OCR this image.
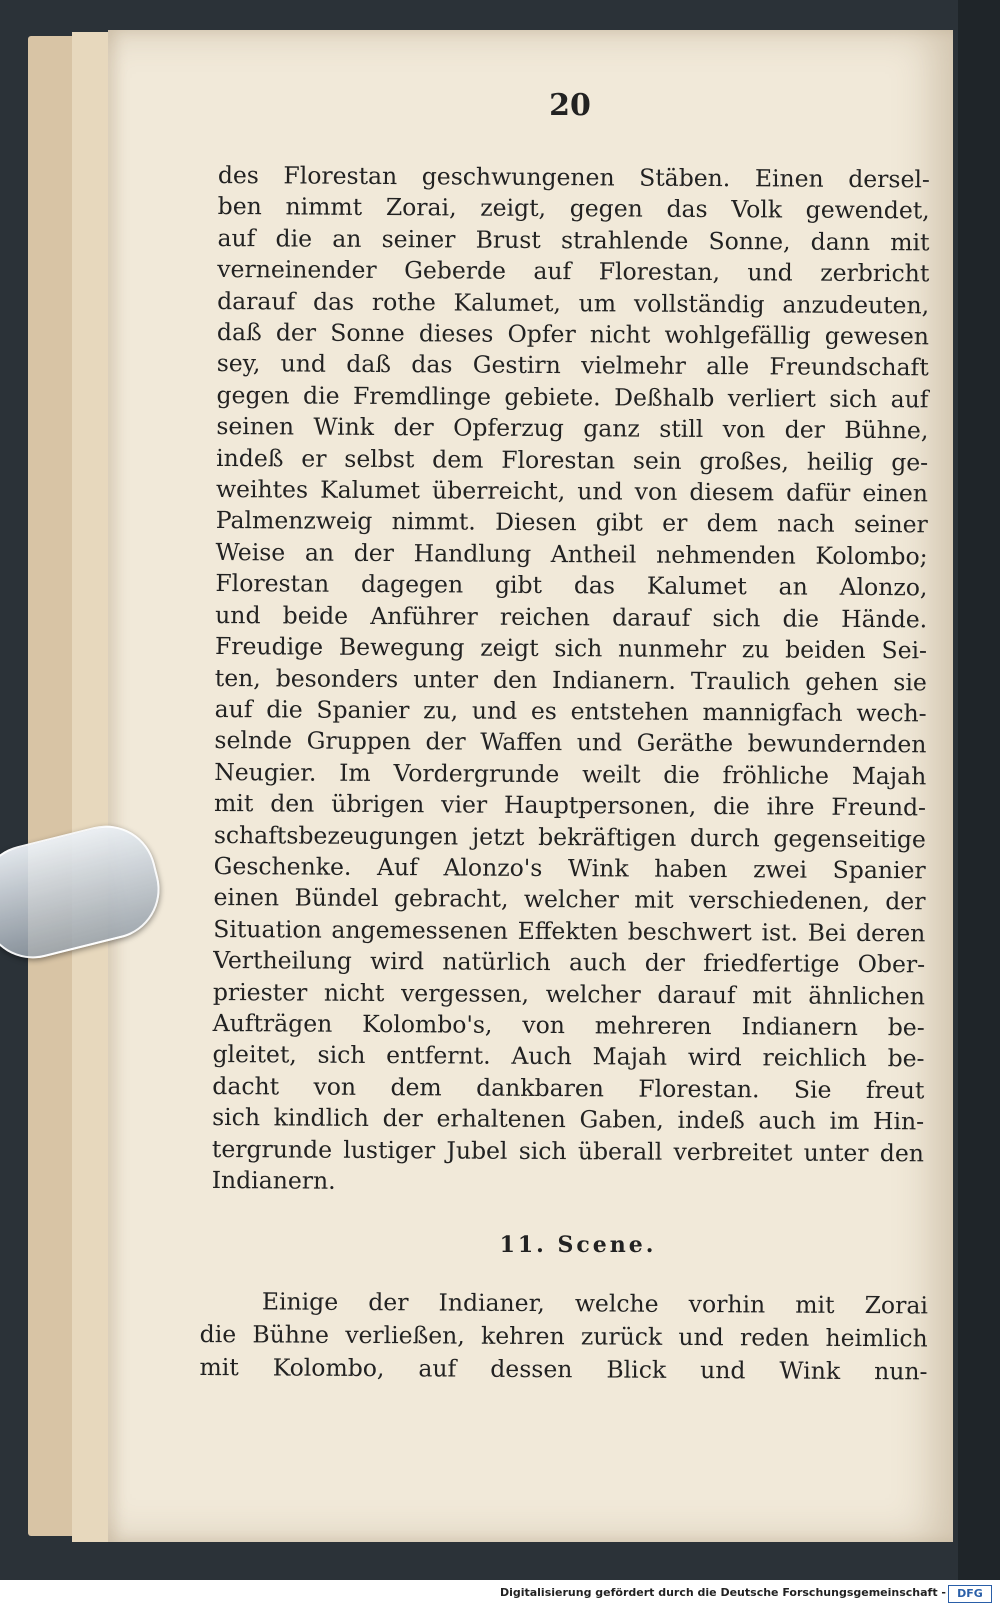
20
des Florestan geschwungenen Stäben. Einen dersel-
ben nimmt Zorai, zeigt, gegen das Volk gewendet,
auf die an seiner Brust strahlende Sonne, dann mit
verneinender Geberde auf Florestan, und zerbricht
darauf das rothe Kalumet, um vollständig anzudeuten,
daß der Sonne dieses Opfer nicht wohlgefällig gewesen
sey, und daß das Gestirn vielmehr alle Freundschaft
gegen die Fremdlinge gebiete. Deßhalb verliert sich auf
seinen Wink der Opferzug ganz still von der Bühne,
indeß er selbst dem Florestan sein großes, heilig ge-
weihtes Kalumet überreicht, und von diesem dafür einen
Palmenzweig nimmt. Diesen gibt er dem nach seiner
Weise an der Handlung Antheil nehmenden Kolombo;
Florestan dagegen gibt das Kalumet an Alonzo,
und beide Anführer reichen darauf sich die Hände.
Freudige Bewegung zeigt sich nunmehr zu beiden Sei-
ten, besonders unter den Indianern. Traulich gehen sie
auf die Spanier zu, und es entstehen mannigfach wech-
selnde Gruppen der Waffen und Geräthe bewundernden
Neugier. Im Vordergrunde weilt die fröhliche Majah
mit den übrigen vier Hauptpersonen, die ihre Freund-
schaftsbezeugungen jetzt bekräftigen durch gegenseitige
Geschenke. Auf Alonzo's Wink haben zwei Spanier
einen Bündel gebracht, welcher mit verschiedenen, der
Situation angemessenen Effekten beschwert ist. Bei deren
Vertheilung wird natürlich auch der friedfertige Ober-
priester nicht vergessen, welcher darauf mit ähnlichen
Aufträgen Kolombo's, von mehreren Indianern be-
gleitet, sich entfernt. Auch Majah wird reichlich be-
dacht von dem dankbaren Florestan. Sie freut
sich kindlich der erhaltenen Gaben, indeß auch im Hin-
tergrunde lustiger Jubel sich überall verbreitet unter den
Indianern.
11. Scene.
Einige der Indianer, welche vorhin mit Zorai
die Bühne verließen, kehren zurück und reden heimlich
mit Kolombo, auf dessen Blick und Wink nun-
Digitalisierung gefördert durch die Deutsche Forschungsgemeinschaft -	DFG
